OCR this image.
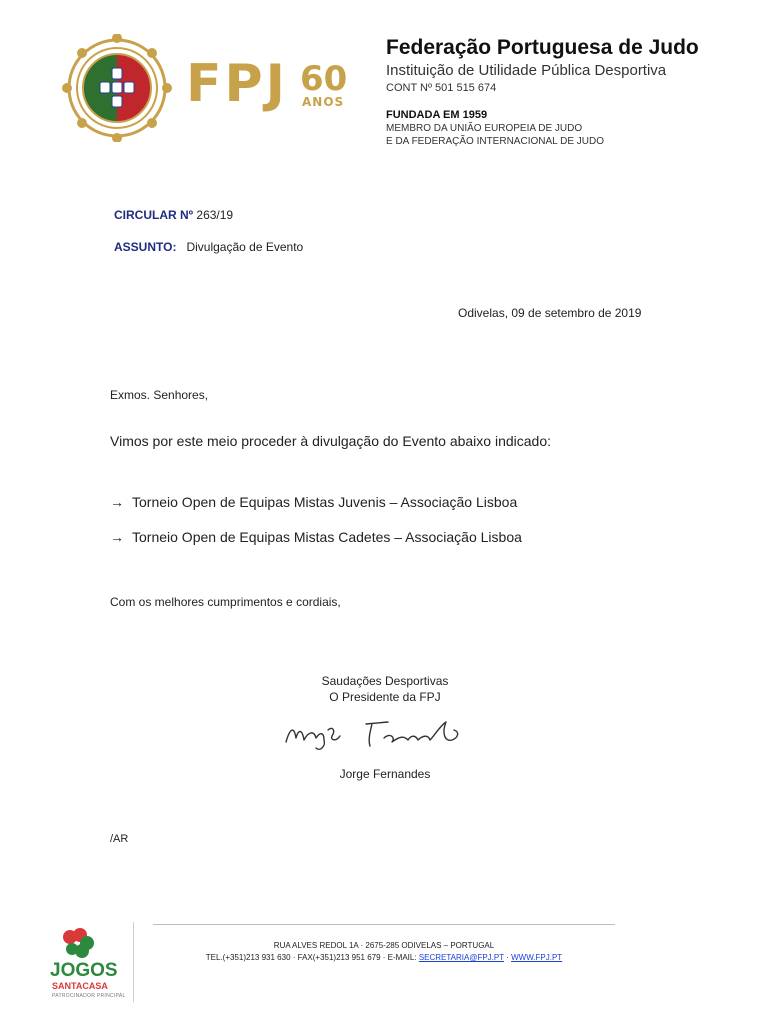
FPJ 60
ANOS
Federação Portuguesa de Judo
Instituição de Utilidade Pública Desportiva
CONT Nº 501 515 674
FUNDADA EM 1959
MEMBRO DA UNIÃO EUROPEIA DE JUDO
E DA FEDERAÇÃO INTERNACIONAL DE JUDO
CIRCULAR Nº 263/19
ASSUNTO: Divulgação de Evento
Odivelas, 09 de setembro de 2019
Exmos. Senhores,
Vimos por este meio proceder à divulgação do Evento abaixo indicado:
→ Torneio Open de Equipas Mistas Juvenis – Associação Lisboa
→ Torneio Open de Equipas Mistas Cadetes – Associação Lisboa
Com os melhores cumprimentos e cordiais,
Saudações Desportivas
O Presidente da FPJ
Jorge Fernandes
/AR
JOGOS
SANTACASA
PATROCINADOR PRINCIPAL
RUA ALVES REDOL 1A · 2675-285 ODIVELAS – PORTUGAL
TEL.(+351)213 931 630 · FAX(+351)213 951 679 · E-MAIL: SECRETARIA@FPJ.PT · WWW.FPJ.PT
